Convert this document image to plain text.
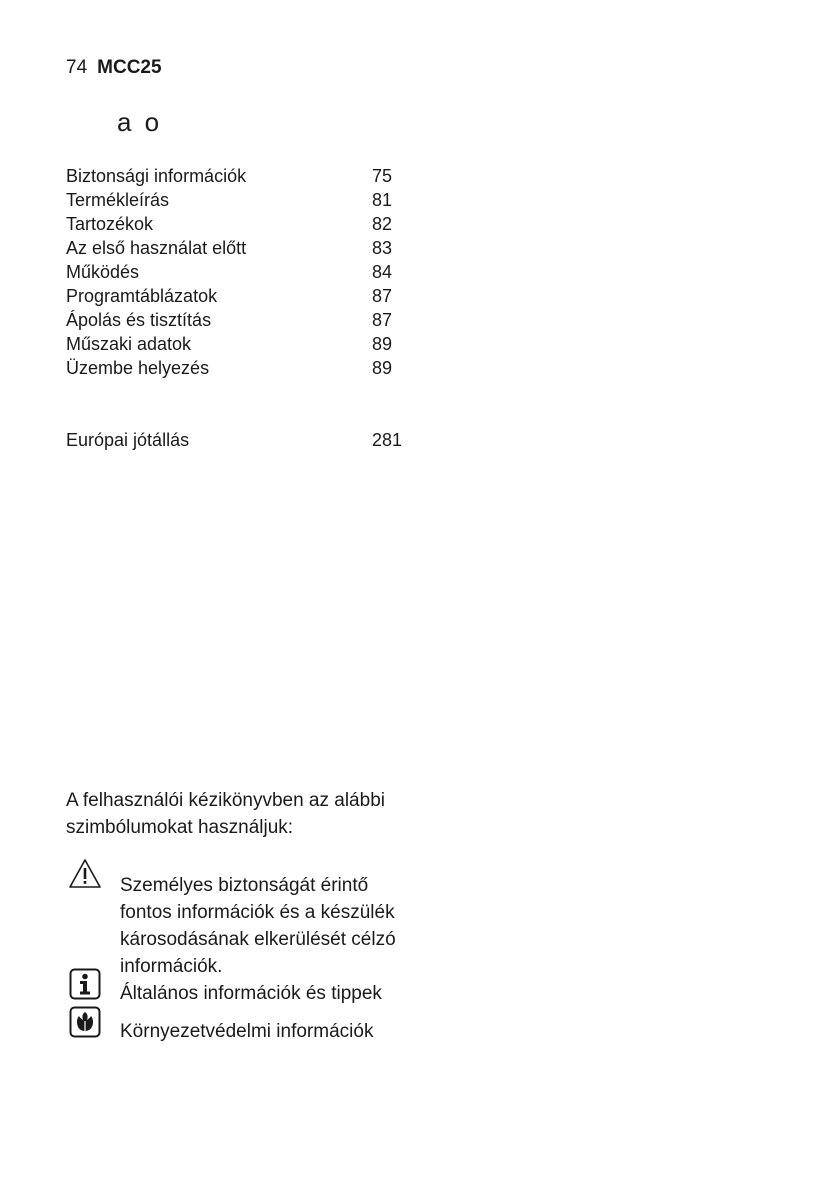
74 MCC25
a o
Biztonsági információk	75
Termékleírás	81
Tartozékok	82
Az első használat előtt	83
Működés	84
Programtáblázatok	87
Ápolás és tisztítás	87
Műszaki adatok	89
Üzembe helyezés	89
Európai jótállás	281
A felhasználói kézikönyvben az alábbi szimbólumokat használjuk:
Személyes biztonságát érintő fontos információk és a készülék károsodásának elkerülését célzó információk.
Általános információk és tippek
Környezetvédelmi információk
